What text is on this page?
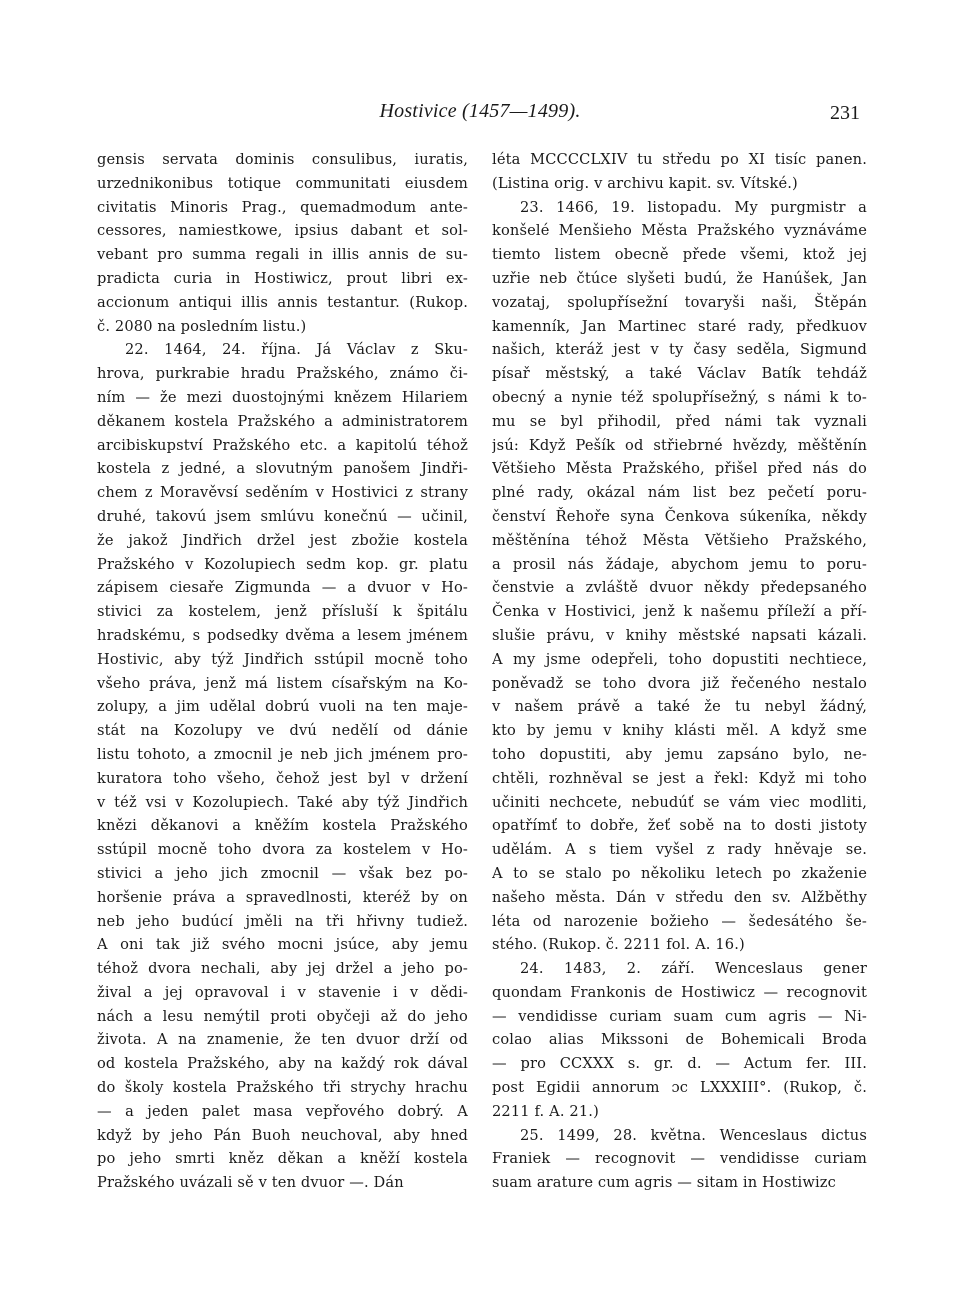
Hostivice (1457—1499).	231
gensis servata dominis consulibus, iuratis,
urzednikonibus totique communitati eiusdem
civitatis Minoris Prag., quemadmodum ante-
cessores, namiestkowe, ipsius dabant et sol-
vebant pro summa regali in illis annis de su-
pradicta curia in Hostiwicz, prout libri ex-
accionum antiqui illis annis testantur. (Rukop.
č. 2080 na posledním listu.)
22. 1464, 24. října. Já Václav z Sku-
hrova, purkrabie hradu Pražského, známo či-
ním — že mezi duostojnými knězem Hilariem
děkanem kostela Pražského a administratorem
arcibiskupství Pražského etc. a kapitolú téhož
kostela z jedné, a slovutným panošem Jindři-
chem z Moravěvsí seděním v Hostivici z strany
druhé, takovú jsem smlúvu konečnú — učinil,
že jakož Jindřich držel jest zbožie kostela
Pražského v Kozolupiech sedm kop. gr. platu
zápisem ciesaře Zigmunda — a dvuor v Ho-
stivici za kostelem, jenž přísluší k špitálu
hradskému, s podsedky dvěma a lesem jménem
Hostivic, aby týž Jindřich sstúpil mocně toho
všeho práva, jenž má listem císařským na Ko-
zolupy, a jim udělal dobrú vuoli na ten maje-
stát na Kozolupy ve dvú nedělí od dánie
listu tohoto, a zmocnil je neb jich jménem pro-
kuratora toho všeho, čehož jest byl v držení
v též vsi v Kozolupiech. Také aby týž Jindřich
knězi děkanovi a kněžím kostela Pražského
sstúpil mocně toho dvora za kostelem v Ho-
stivici a jeho jich zmocnil — však bez po-
horšenie práva a spravedlnosti, kteréž by on
neb jeho budúcí jměli na tři hřivny tudiež.
A oni tak již svého mocni jsúce, aby jemu
téhož dvora nechali, aby jej držel a jeho po-
žival a jej opravoval i v stavenie i v dědi-
nách a lesu nemýtil proti obyčeji až do jeho
života. A na znamenie, že ten dvuor drží od
od kostela Pražského, aby na každý rok dával
do školy kostela Pražského tři strychy hrachu
— a jeden palet masa vepřového dobrý. A
když by jeho Pán Buoh neuchoval, aby hned
po jeho smrti kněz děkan a kněží kostela
Pražského uvázali sě v ten dvuor —. Dán
léta MCCCCLXIV tu středu po XI tisíc panen.
(Listina orig. v archivu kapit. sv. Vítské.)
23. 1466, 19. listopadu. My purgmistr a
konšelé Menšieho Města Pražského vyznáváme
tiemto listem obecně přede všemi, ktož jej
uzřie neb čtúce slyšeti budú, že Hanúšek, Jan
vozataj, spolupřísežní tovaryši naši, Štěpán
kamenník, Jan Martinec staré rady, předkuov
našich, kteráž jest v ty časy seděla, Sigmund
písař městský, a také Václav Batík tehdáž
obecný a nynie též spolupřísežný, s námi k to-
mu se byl přihodil, před námi tak vyznali
jsú: Když Pešík od střiebrné hvězdy, měštěnín
Většieho Města Pražského, přišel před nás do
plné rady, okázal nám list bez pečetí poru-
čenství Řehoře syna Čenkova súkeníka, někdy
měštěnína téhož Města Většieho Pražského,
a prosil nás žádaje, abychom jemu to poru-
čenstvie a zvláště dvuor někdy předepsaného
Čenka v Hostivici, jenž k našemu příleží a pří-
slušie právu, v knihy městské napsati kázali.
A my jsme odepřeli, toho dopustiti nechtiece,
poněvadž se toho dvora již řečeného nestalo
v našem právě a také že tu nebyl žádný,
kto by jemu v knihy klásti měl. A když sme
toho dopustiti, aby jemu zapsáno bylo, ne-
chtěli, rozhněval se jest a řekl: Když mi toho
učiniti nechcete, nebudúť se vám viec modliti,
opatřímť to dobře, žeť sobě na to dosti jistoty
udělám. A s tiem vyšel z rady hněvaje se.
A to se stalo po několiku letech po zkaženie
našeho města. Dán v středu den sv. Alžběthy
léta od narozenie božieho — šedesátého še-
stého. (Rukop. č. 2211 fol. A. 16.)
24. 1483, 2. září. Wenceslaus gener
quondam Frankonis de Hostiwicz — recognovit
— vendidisse curiam suam cum agris — Ni-
colao alias Mikssoni de Bohemicali Broda
— pro CCXXX s. gr. d. — Actum fer. III.
post Egidii annorum ɔc LXXXIII°. (Rukop, č.
2211 f. A. 21.)
25. 1499, 28. května. Wenceslaus dictus
Franiek — recognovit — vendidisse curiam
suam arature cum agris — sitam in Hostiwizc
